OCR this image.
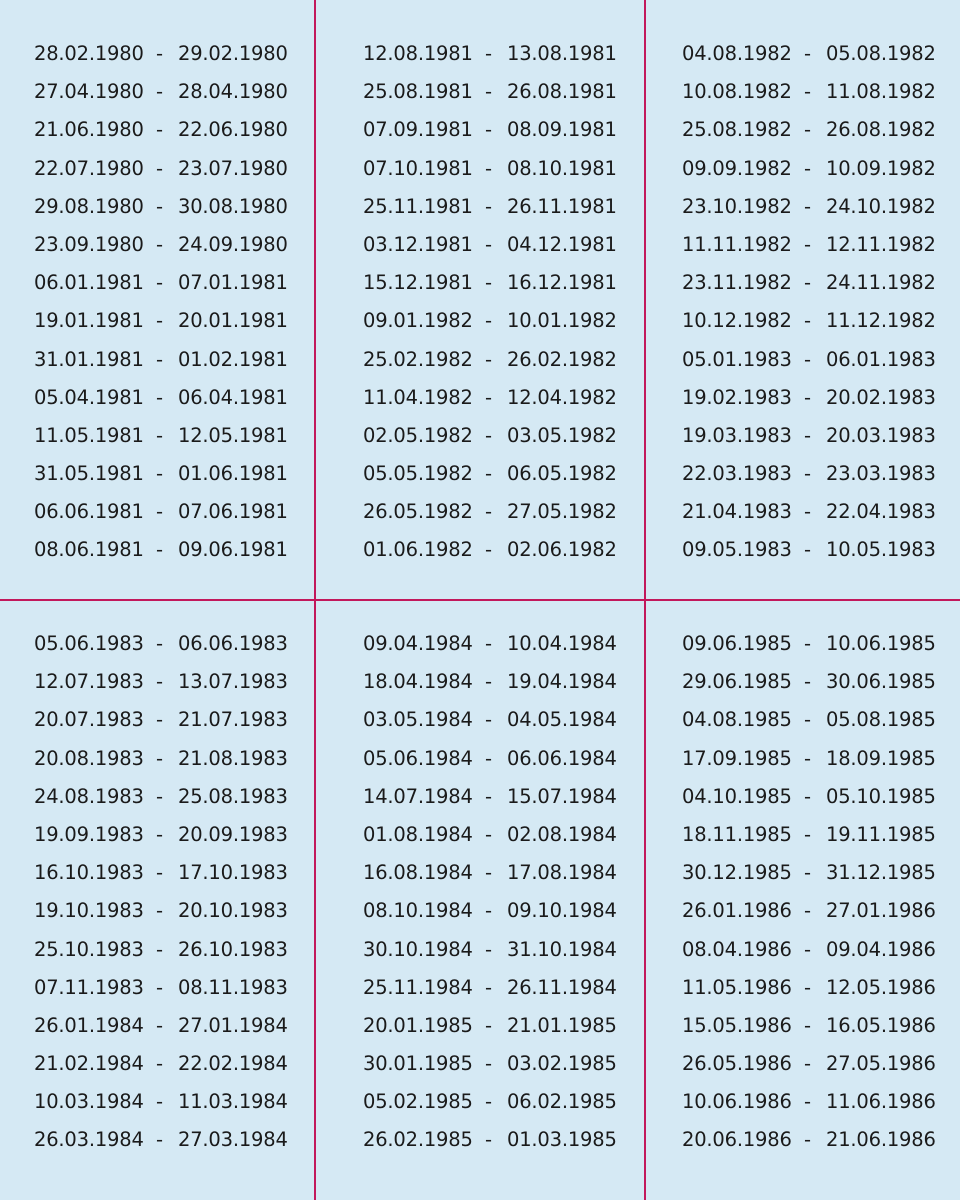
28.02.1980 - 29.02.1980
27.04.1980 - 28.04.1980
21.06.1980 - 22.06.1980
22.07.1980 - 23.07.1980
29.08.1980 - 30.08.1980
23.09.1980 - 24.09.1980
06.01.1981 - 07.01.1981
19.01.1981 - 20.01.1981
31.01.1981 - 01.02.1981
05.04.1981 - 06.04.1981
11.05.1981 - 12.05.1981
31.05.1981 - 01.06.1981
06.06.1981 - 07.06.1981
08.06.1981 - 09.06.1981
12.08.1981 - 13.08.1981
25.08.1981 - 26.08.1981
07.09.1981 - 08.09.1981
07.10.1981 - 08.10.1981
25.11.1981 - 26.11.1981
03.12.1981 - 04.12.1981
15.12.1981 - 16.12.1981
09.01.1982 - 10.01.1982
25.02.1982 - 26.02.1982
11.04.1982 - 12.04.1982
02.05.1982 - 03.05.1982
05.05.1982 - 06.05.1982
26.05.1982 - 27.05.1982
01.06.1982 - 02.06.1982
04.08.1982 - 05.08.1982
10.08.1982 - 11.08.1982
25.08.1982 - 26.08.1982
09.09.1982 - 10.09.1982
23.10.1982 - 24.10.1982
11.11.1982 - 12.11.1982
23.11.1982 - 24.11.1982
10.12.1982 - 11.12.1982
05.01.1983 - 06.01.1983
19.02.1983 - 20.02.1983
19.03.1983 - 20.03.1983
22.03.1983 - 23.03.1983
21.04.1983 - 22.04.1983
09.05.1983 - 10.05.1983
05.06.1983 - 06.06.1983
12.07.1983 - 13.07.1983
20.07.1983 - 21.07.1983
20.08.1983 - 21.08.1983
24.08.1983 - 25.08.1983
19.09.1983 - 20.09.1983
16.10.1983 - 17.10.1983
19.10.1983 - 20.10.1983
25.10.1983 - 26.10.1983
07.11.1983 - 08.11.1983
26.01.1984 - 27.01.1984
21.02.1984 - 22.02.1984
10.03.1984 - 11.03.1984
26.03.1984 - 27.03.1984
09.04.1984 - 10.04.1984
18.04.1984 - 19.04.1984
03.05.1984 - 04.05.1984
05.06.1984 - 06.06.1984
14.07.1984 - 15.07.1984
01.08.1984 - 02.08.1984
16.08.1984 - 17.08.1984
08.10.1984 - 09.10.1984
30.10.1984 - 31.10.1984
25.11.1984 - 26.11.1984
20.01.1985 - 21.01.1985
30.01.1985 - 03.02.1985
05.02.1985 - 06.02.1985
26.02.1985 - 01.03.1985
09.06.1985 - 10.06.1985
29.06.1985 - 30.06.1985
04.08.1985 - 05.08.1985
17.09.1985 - 18.09.1985
04.10.1985 - 05.10.1985
18.11.1985 - 19.11.1985
30.12.1985 - 31.12.1985
26.01.1986 - 27.01.1986
08.04.1986 - 09.04.1986
11.05.1986 - 12.05.1986
15.05.1986 - 16.05.1986
26.05.1986 - 27.05.1986
10.06.1986 - 11.06.1986
20.06.1986 - 21.06.1986
